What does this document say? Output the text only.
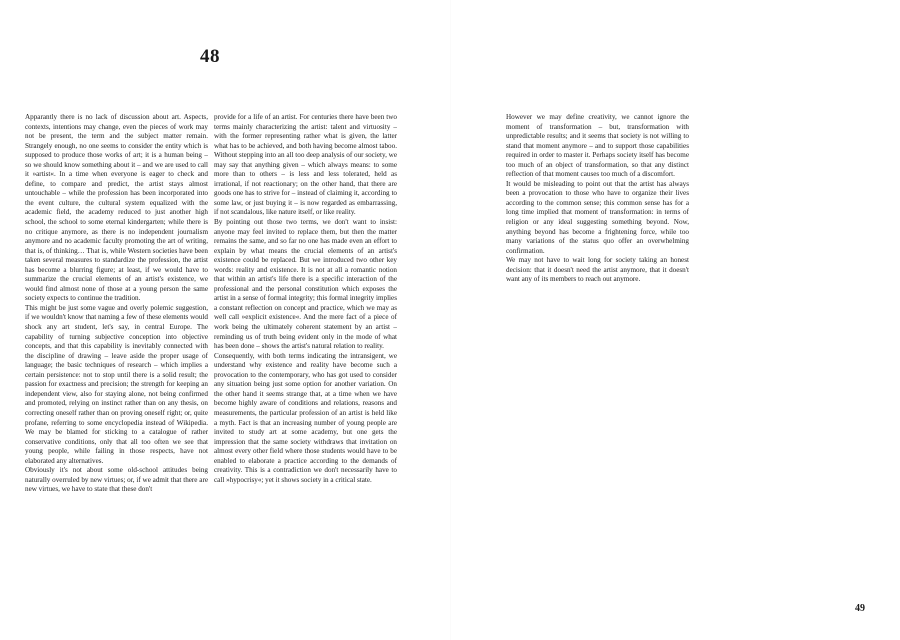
48

Apparantly there is no lack of discussion about art. Aspects, contexts, intentions may change, even the pieces of work may not be present, the term and the subject matter remain. Strangely enough, no one seems to consider the entity which is supposed to produce those works of art; it is a human being – so we should know something about it – and we are used to call it »artist«. In a time when everyone is eager to check and define, to compare and predict, the artist stays almost untouchable – while the profession has been incorporated into the event culture, the cultural system equalized with the academic field, the academy reduced to just another high school, the school to some eternal kindergarten; while there is no critique anymore, as there is no independent journalism anymore and no academic faculty promoting the art of writing, that is, of thinking… That is, while Western societies have been taken several measures to standardize the profession, the artist has become a blurring figure; at least, if we would have to summarize the crucial elements of an artist's existence, we would find almost none of those at a young person the same society expects to continue the tradition.

This might be just some vague and overly polemic suggestion, if we wouldn't know that naming a few of these elements would shock any art student, let's say, in central Europe. The capability of turning subjective conception into objective concepts, and that this capability is inevitably connected with the discipline of drawing – leave aside the proper usage of language; the basic techniques of research – which implies a certain persistence: not to stop until there is a solid result; the passion for exactness and precision; the strength for keeping an independent view, also for staying alone, not being confirmed and promoted, relying on instinct rather than on any thesis, on correcting oneself rather than on proving oneself right; or, quite profane, referring to some encyclopedia instead of Wikipedia. We may be blamed for sticking to a catalogue of rather conservative conditions, only that all too often we see that young people, while failing in those respects, have not elaborated any alternatives.

Obviously it's not about some old-school attitudes being naturally overruled by new virtues; or, if we admit that there are new virtues, we have to state that these don't

provide for a life of an artist. For centuries there have been two terms mainly characterizing the artist: talent and virtuosity – with the former representing rather what is given, the latter what has to be achieved, and both having become almost taboo. Without stepping into an all too deep analysis of our society, we may say that anything given – which always means: to some more than to others – is less and less tolerated, held as irrational, if not reactionary; on the other hand, that there are goods one has to strive for – instead of claiming it, according to some law, or just buying it – is now regarded as embarrassing, if not scandalous, like nature itself, or like reality.

By pointing out those two terms, we don't want to insist: anyone may feel invited to replace them, but then the matter remains the same, and so far no one has made even an effort to explain by what means the crucial elements of an artist's existence could be replaced. But we introduced two other key words: reality and existence. It is not at all a romantic notion that within an artist's life there is a specific interaction of the professional and the personal constitution which exposes the artist in a sense of formal integrity; this formal integrity implies a constant reflection on concept and practice, which we may as well call »explicit existence«. And the mere fact of a piece of work being the ultimately coherent statement by an artist – reminding us of truth being evident only in the mode of what has been done – shows the artist's natural relation to reality.

Consequently, with both terms indicating the intransigent, we understand why existence and reality have become such a provocation to the contemporary, who has got used to consider any situation being just some option for another variation. On the other hand it seems strange that, at a time when we have become highly aware of conditions and relations, reasons and measurements, the particular profession of an artist is held like a myth. Fact is that an increasing number of young people are invited to study art at some academy, but one gets the impression that the same society withdraws that invitation on almost every other field where those students would have to be enabled to elaborate a practice according to the demands of creativity. This is a contradiction we don't necessarily have to call »hypocrisy«; yet it shows society in a critical state.

However we may define creativity, we cannot ignore the moment of transformation – but, transformation with unpredictable results; and it seems that society is not willing to stand that moment anymore – and to support those capabilities required in order to master it. Perhaps society itself has become too much of an object of transformation, so that any distinct reflection of that moment causes too much of a discomfort.

It would be misleading to point out that the artist has always been a provocation to those who have to organize their lives according to the common sense; this common sense has for a long time implied that moment of transformation: in terms of religion or any ideal suggesting something beyond. Now, anything beyond has become a frightening force, while too many variations of the status quo offer an overwhelming confirmation.

We may not have to wait long for society taking an honest decision: that it doesn't need the artist anymore, that it doesn't want any of its members to reach out anymore.

49
